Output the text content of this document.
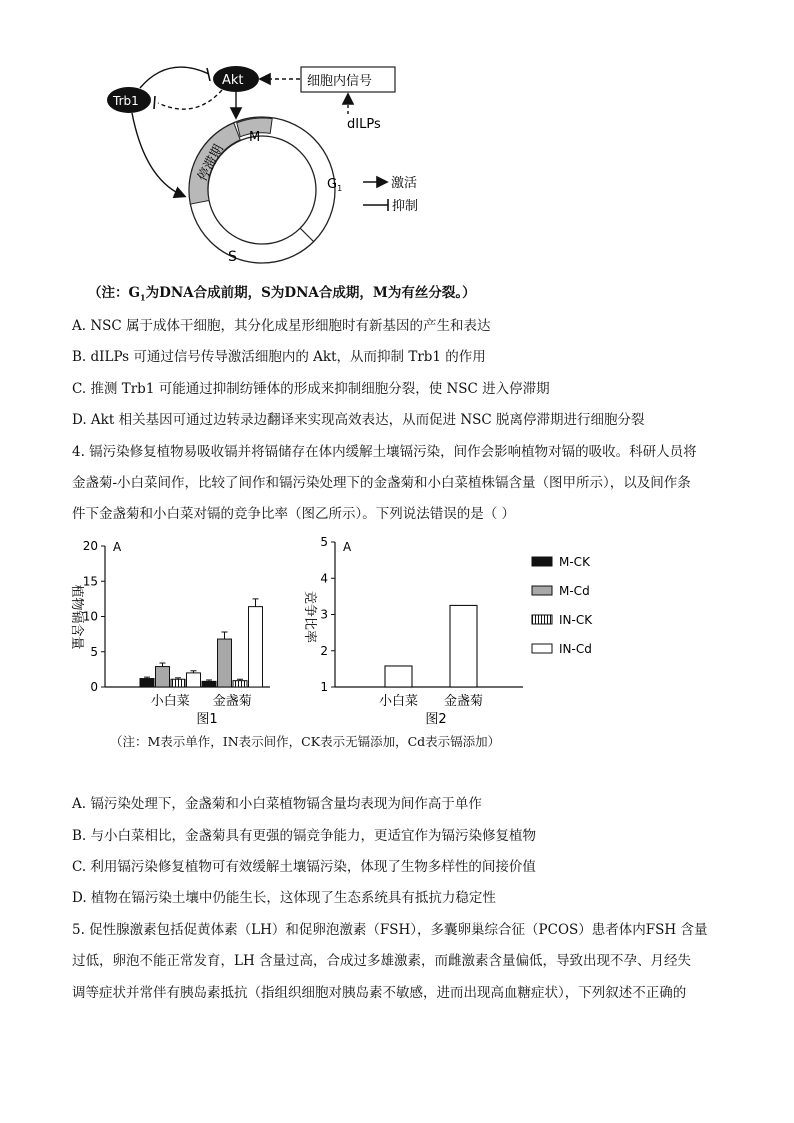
M
停滞期
$G_1$
S
Akt
Trb1
细胞内信号
dILPs
激活
抑制
（注：$G_1$为DNA合成前期，S为DNA合成期，M为有丝分裂。）
A. NSC 属于成体干细胞，其分化成星形细胞时有新基因的产生和表达
B. dILPs 可通过信号传导激活细胞内的 Akt，从而抑制 Trb1 的作用
C. 推测 Trb1 可能通过抑制纺锤体的形成来抑制细胞分裂，使 NSC 进入停滞期
D. Akt 相关基因可通过边转录边翻译来实现高效表达，从而促进 NSC 脱离停滞期进行细胞分裂
4. 镉污染修复植物易吸收镉并将镉储存在体内缓解土壤镉污染，间作会影响植物对镉的吸收。科研人员将
金盏菊-小白菜间作，比较了间作和镉污染处理下的金盏菊和小白菜植株镉含量（图甲所示），以及间作条
件下金盏菊和小白菜对镉的竞争比率（图乙所示）。下列说法错误的是（ ）
0
5
10
15
20 A
植物镉含量
小白菜 金盏菊
图1
1
2
3
4
5 A
竞争比率
小白菜 金盏菊
图2
M-CK
M-Cd
IN-CK
IN-Cd
（注：M表示单作，IN表示间作，CK表示无镉添加，Cd表示镉添加）
A. 镉污染处理下，金盏菊和小白菜植物镉含量均表现为间作高于单作
B. 与小白菜相比，金盏菊具有更强的镉竞争能力，更适宜作为镉污染修复植物
C. 利用镉污染修复植物可有效缓解土壤镉污染，体现了生物多样性的间接价值
D. 植物在镉污染土壤中仍能生长，这体现了生态系统具有抵抗力稳定性
5. 促性腺激素包括促黄体素（LH）和促卵泡激素（FSH），多囊卵巢综合征（PCOS）患者体内FSH 含量
过低，卵泡不能正常发育，LH 含量过高，合成过多雄激素，而雌激素含量偏低，导致出现不孕、月经失
调等症状并常伴有胰岛素抵抗（指组织细胞对胰岛素不敏感，进而出现高血糖症状），下列叙述不正确的
